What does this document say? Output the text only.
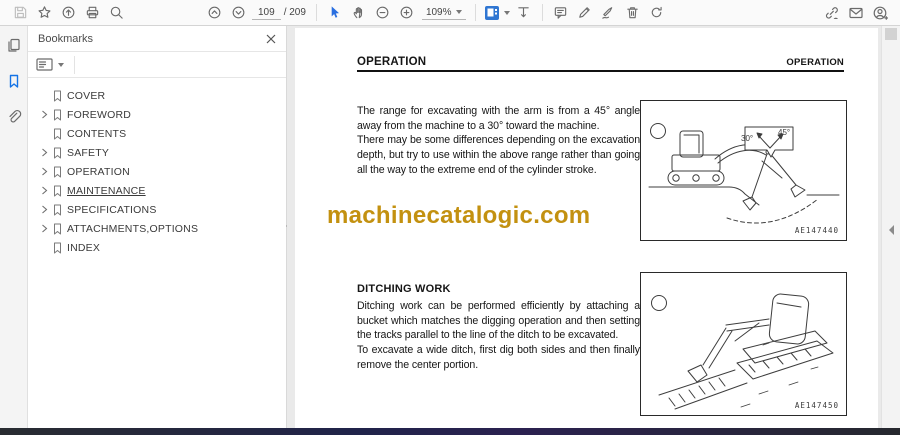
109 / 209	109%
Bookmarks
COVER
FOREWORD
CONTENTS
SAFETY
OPERATION
MAINTENANCE
SPECIFICATIONS
ATTACHMENTS,OPTIONS
INDEX
OPERATION	OPERATION
The range for excavating with the arm is from a 45° angle away from the machine to a 30° toward the machine.
There may be some differences depending on the excavation depth, but try to use within the above range rather than going all the way to the extreme end of the cylinder stroke.
30°
45°
AE147440
machinecatalogic.com
DITCHING WORK
Ditching work can be performed efficiently by attaching a bucket which matches the digging operation and then setting the tracks parallel to the line of the ditch to be excavated.
To excavate a wide ditch, first dig both sides and then finally remove the center portion.
AE147450
